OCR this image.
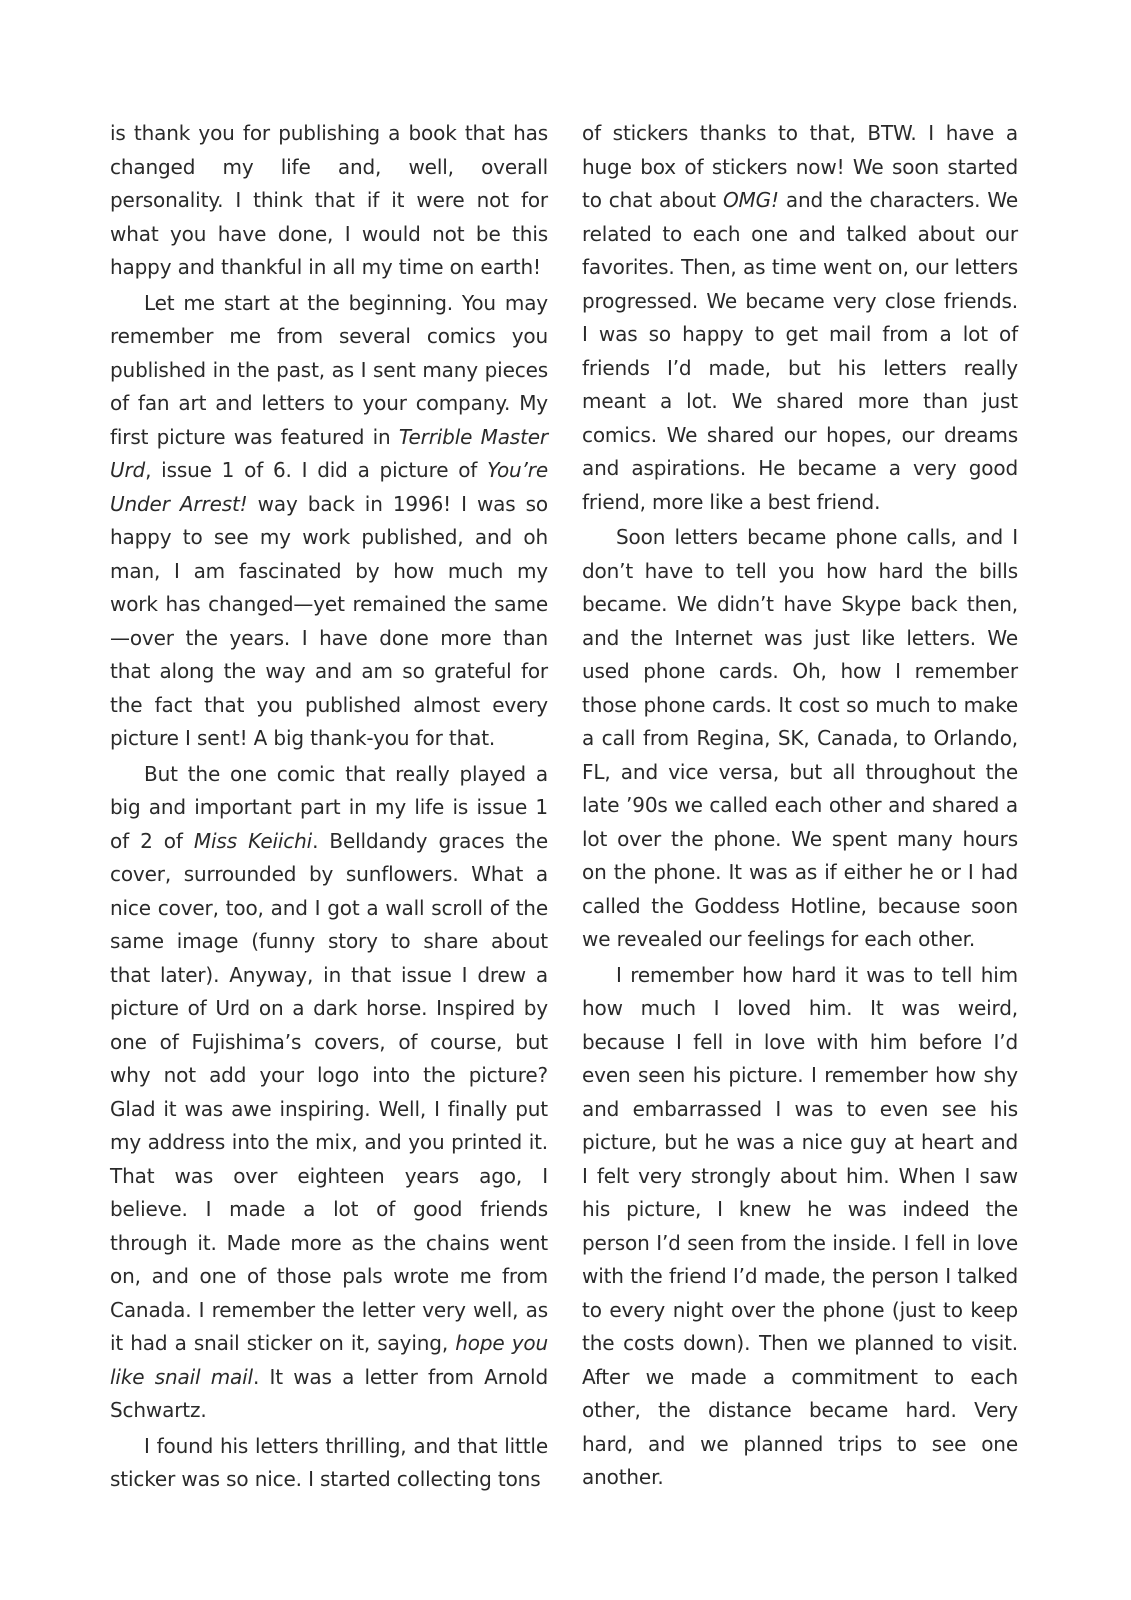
is thank you for publishing a book that has changed my life and, well, overall personality. I think that if it were not for what you have done, I would not be this happy and thankful in all my time on earth!

Let me start at the beginning. You may remember me from several comics you published in the past, as I sent many pieces of fan art and letters to your company. My first picture was featured in Terrible Master Urd, issue 1 of 6. I did a picture of You’re Under Arrest! way back in 1996! I was so happy to see my work published, and oh man, I am fascinated by how much my work has changed—yet remained the same—over the years. I have done more than that along the way and am so grateful for the fact that you published almost every picture I sent! A big thank-you for that.

But the one comic that really played a big and important part in my life is issue 1 of 2 of Miss Keiichi. Belldandy graces the cover, surrounded by sunflowers. What a nice cover, too, and I got a wall scroll of the same image (funny story to share about that later). Anyway, in that issue I drew a picture of Urd on a dark horse. Inspired by one of Fujishima’s covers, of course, but why not add your logo into the picture? Glad it was awe inspiring. Well, I finally put my address into the mix, and you printed it. That was over eighteen years ago, I believe. I made a lot of good friends through it. Made more as the chains went on, and one of those pals wrote me from Canada. I remember the letter very well, as it had a snail sticker on it, saying, hope you like snail mail. It was a letter from Arnold Schwartz.

I found his letters thrilling, and that little sticker was so nice. I started collecting tons

of stickers thanks to that, BTW. I have a huge box of stickers now! We soon started to chat about OMG! and the characters. We related to each one and talked about our favorites. Then, as time went on, our letters progressed. We became very close friends. I was so happy to get mail from a lot of friends I’d made, but his letters really meant a lot. We shared more than just comics. We shared our hopes, our dreams and aspirations. He became a very good friend, more like a best friend.

Soon letters became phone calls, and I don’t have to tell you how hard the bills became. We didn’t have Skype back then, and the Internet was just like letters. We used phone cards. Oh, how I remember those phone cards. It cost so much to make a call from Regina, SK, Canada, to Orlando, FL, and vice versa, but all throughout the late ’90s we called each other and shared a lot over the phone. We spent many hours on the phone. It was as if either he or I had called the Goddess Hotline, because soon we revealed our feelings for each other.

I remember how hard it was to tell him how much I loved him. It was weird, because I fell in love with him before I’d even seen his picture. I remember how shy and embarrassed I was to even see his picture, but he was a nice guy at heart and I felt very strongly about him. When I saw his picture, I knew he was indeed the person I’d seen from the inside. I fell in love with the friend I’d made, the person I talked to every night over the phone (just to keep the costs down). Then we planned to visit. After we made a commitment to each other, the distance became hard. Very hard, and we planned trips to see one another.
